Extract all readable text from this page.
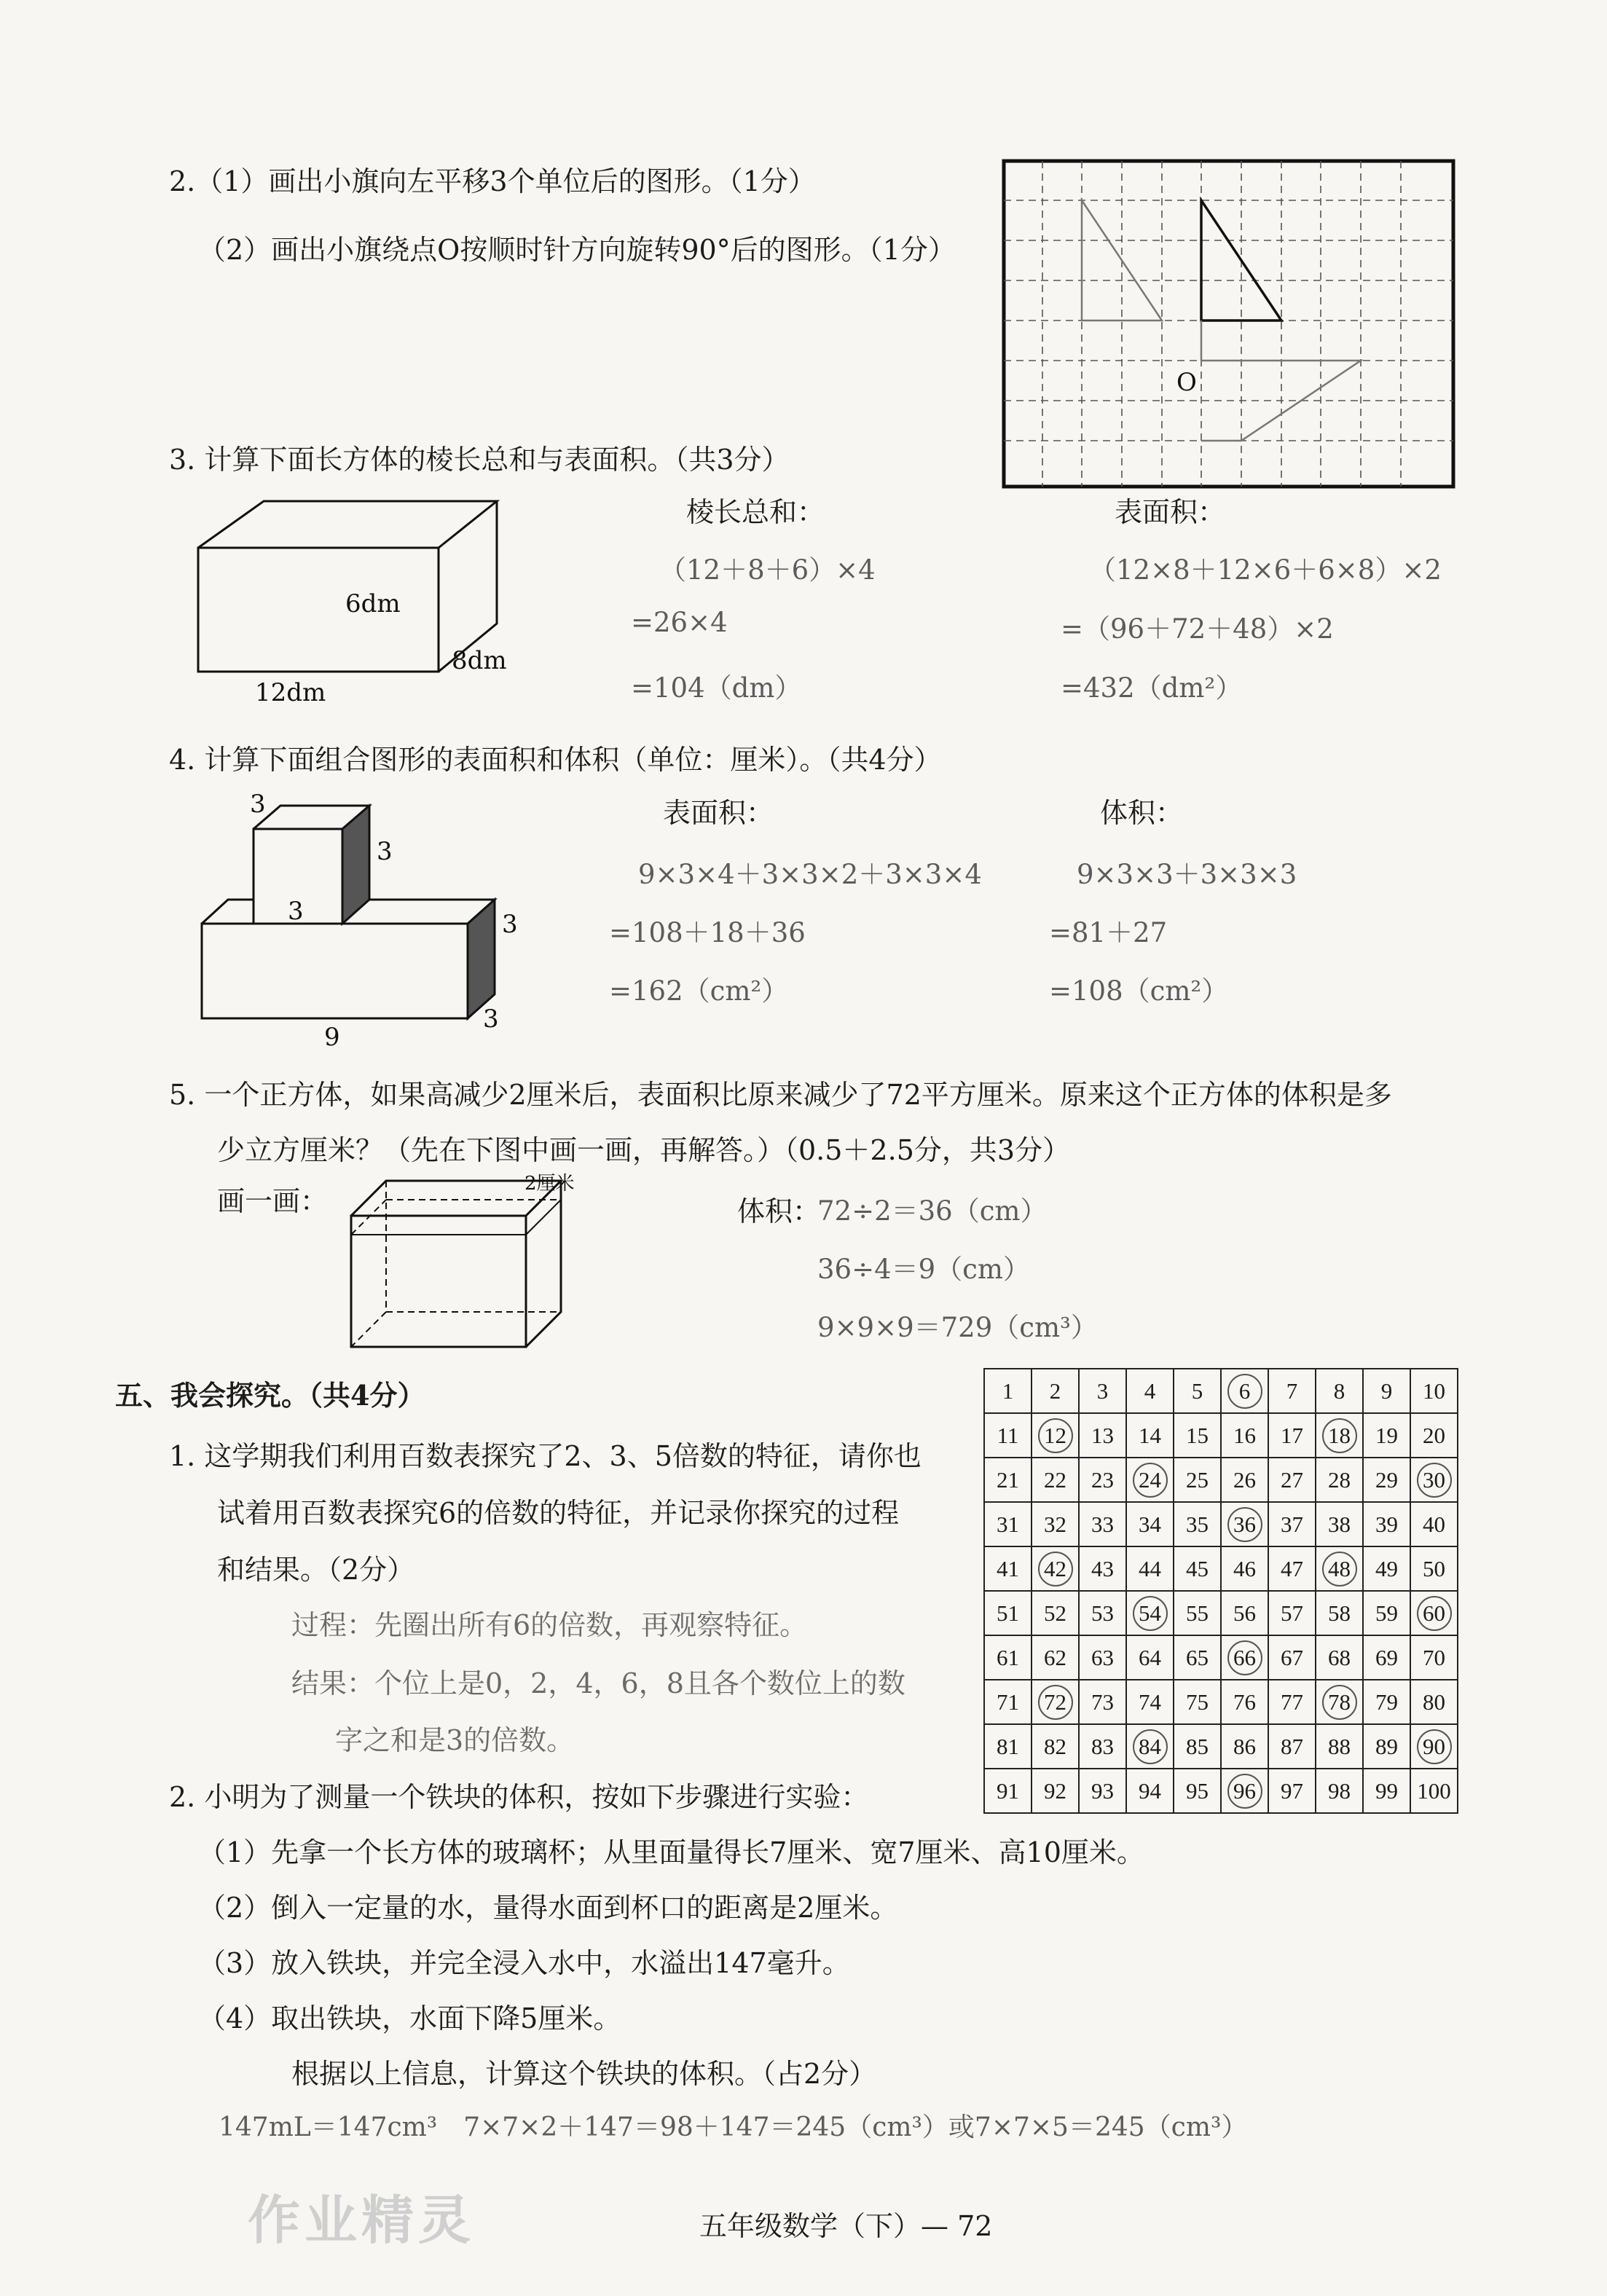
2.（1）画出小旗向左平移3个单位后的图形。（1分）
（2）画出小旗绕点O按顺时针方向旋转90°后的图形。（1分）
O
3. 计算下面长方体的棱长总和与表面积。（共3分）
6dm
8dm
12dm
棱长总和：
（12＋8＋6）×4
=26×4
=104（dm）
表面积：
（12×8＋12×6＋6×8）×2
=（96＋72＋48）×2
=432（dm²）
4. 计算下面组合图形的表面积和体积（单位：厘米）。（共4分）
3
3
3	3
3
9
表面积：
9×3×4＋3×3×2＋3×3×4
=108＋18＋36
=162（cm²）
体积：
9×3×3＋3×3×3
=81＋27
=108（cm²）
5. 一个正方体，如果高减少2厘米后，表面积比原来减少了72平方厘米。原来这个正方体的体积是多
少立方厘米？（先在下图中画一画，再解答。）（0.5＋2.5分，共3分）
画一画：
2厘米
体积：
72÷2＝36（cm）
36÷4＝9（cm）
9×9×9＝729（cm³）
五、我会探究。（共4分）
1. 这学期我们利用百数表探究了2、3、5倍数的特征，请你也
试着用百数表探究6的倍数的特征，并记录你探究的过程
和结果。（2分）
过程：先圈出所有6的倍数，再观察特征。
结果：个位上是0，2，4，6，8且各个数位上的数
字之和是3的倍数。
1	2	3	4	5	6	7	8	9	10
11	12	13	14	15	16	17	18	19	20
21	22	23	24	25	26	27	28	29	30
31	32	33	34	35	36	37	38	39	40
41	42	43	44	45	46	47	48	49	50
51	52	53	54	55	56	57	58	59	60
61	62	63	64	65	66	67	68	69	70
71	72	73	74	75	76	77	78	79	80
81	82	83	84	85	86	87	88	89	90
91	92	93	94	95	96	97	98	99	100
2. 小明为了测量一个铁块的体积，按如下步骤进行实验：
（1）先拿一个长方体的玻璃杯；从里面量得长7厘米、宽7厘米、高10厘米。
（2）倒入一定量的水，量得水面到杯口的距离是2厘米。
（3）放入铁块，并完全浸入水中，水溢出147毫升。
（4）取出铁块，水面下降5厘米。
根据以上信息，计算这个铁块的体积。（占2分）
147mL＝147cm³　7×7×2＋147＝98＋147＝245（cm³）或7×7×5＝245（cm³）
作业精灵	五年级数学（下）— 72
